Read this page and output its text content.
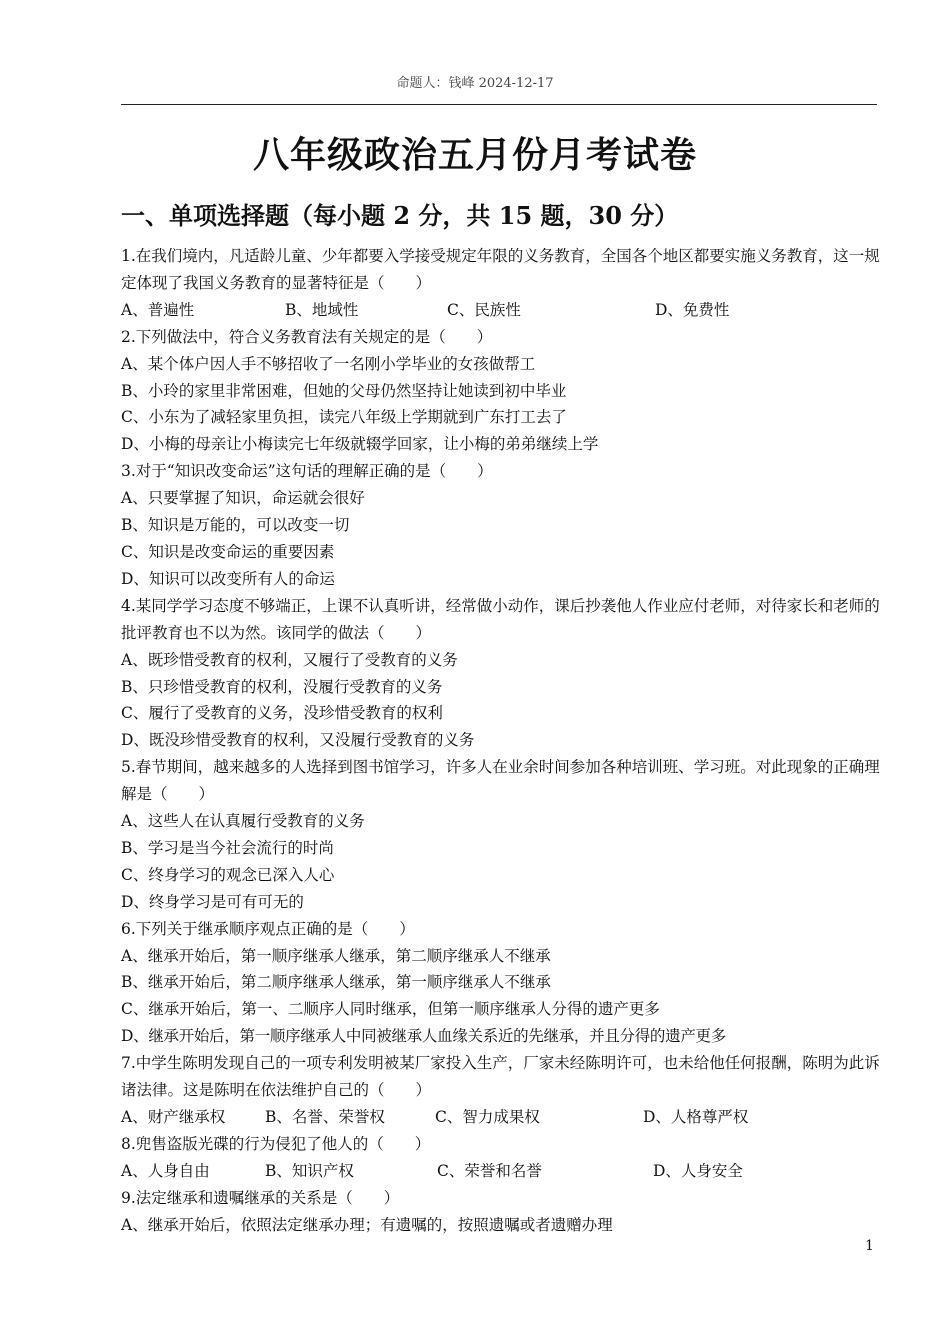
命题人：钱峰 2024-12-17
八年级政治五月份月考试卷
一、单项选择题（每小题 2 分，共 15 题，30 分）
1.在我们境内，凡适龄儿童、少年都要入学接受规定年限的义务教育，全国各个地区都要实施义务教育，这一规定体现了我国义务教育的显著特征是（　　）
A、普遍性	B、地域性	C、民族性	D、免费性
2.下列做法中，符合义务教育法有关规定的是（　　）
A、某个体户因人手不够招收了一名刚小学毕业的女孩做帮工
B、小玲的家里非常困难，但她的父母仍然坚持让她读到初中毕业
C、小东为了减轻家里负担，读完八年级上学期就到广东打工去了
D、小梅的母亲让小梅读完七年级就辍学回家，让小梅的弟弟继续上学
3.对于“知识改变命运”这句话的理解正确的是（　　）
A、只要掌握了知识，命运就会很好
B、知识是万能的，可以改变一切
C、知识是改变命运的重要因素
D、知识可以改变所有人的命运
4.某同学学习态度不够端正，上课不认真听讲，经常做小动作，课后抄袭他人作业应付老师，对待家长和老师的批评教育也不以为然。该同学的做法（　　）
A、既珍惜受教育的权利，又履行了受教育的义务
B、只珍惜受教育的权利，没履行受教育的义务
C、履行了受教育的义务，没珍惜受教育的权利
D、既没珍惜受教育的权利，又没履行受教育的义务
5.春节期间，越来越多的人选择到图书馆学习，许多人在业余时间参加各种培训班、学习班。对此现象的正确理解是（　　）
A、这些人在认真履行受教育的义务
B、学习是当今社会流行的时尚
C、终身学习的观念已深入人心
D、终身学习是可有可无的
6.下列关于继承顺序观点正确的是（　　）
A、继承开始后，第一顺序继承人继承，第二顺序继承人不继承
B、继承开始后，第二顺序继承人继承，第一顺序继承人不继承
C、继承开始后，第一、二顺序人同时继承，但第一顺序继承人分得的遗产更多
D、继承开始后，第一顺序继承人中同被继承人血缘关系近的先继承，并且分得的遗产更多
7.中学生陈明发现自己的一项专利发明被某厂家投入生产，厂家未经陈明许可，也未给他任何报酬，陈明为此诉诸法律。这是陈明在依法维护自己的（　　）
A、财产继承权	B、名誉、荣誉权	C、智力成果权	D、人格尊严权
8.兜售盗版光碟的行为侵犯了他人的（　　）
A、人身自由	B、知识产权	C、荣誉和名誉	D、人身安全
9.法定继承和遗嘱继承的关系是（　　）
A、继承开始后，依照法定继承办理；有遗嘱的，按照遗嘱或者遗赠办理
1
